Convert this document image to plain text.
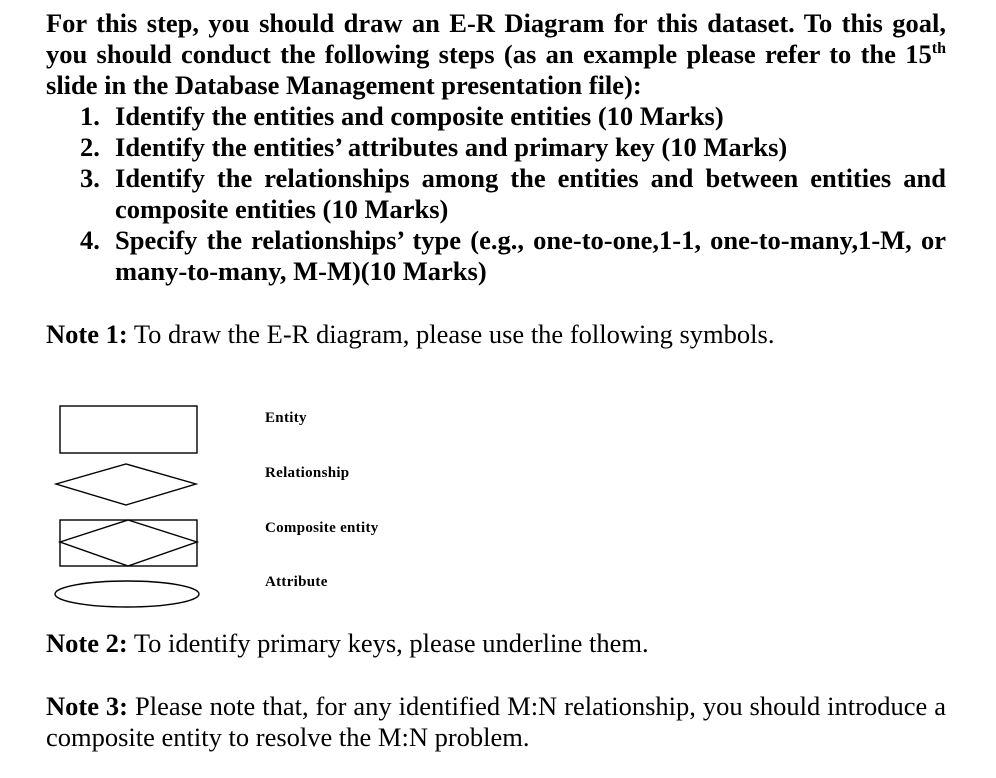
For this step, you should draw an E-R Diagram for this dataset. To this goal, you should conduct the following steps (as an example please refer to the 15th slide in the Database Management presentation file):

1. Identify the entities and composite entities (10 Marks)
2. Identify the entities’ attributes and primary key (10 Marks)
3. Identify the relationships among the entities and between entities and composite entities (10 Marks)
4. Specify the relationships’ type (e.g., one-to-one,1-1, one-to-many,1-M, or many-to-many, M-M)(10 Marks)

Note 1: To draw the E-R diagram, please use the following symbols.

Entity
Relationship
Composite entity
Attribute

Note 2: To identify primary keys, please underline them.

Note 3: Please note that, for any identified M:N relationship, you should introduce a composite entity to resolve the M:N problem.
